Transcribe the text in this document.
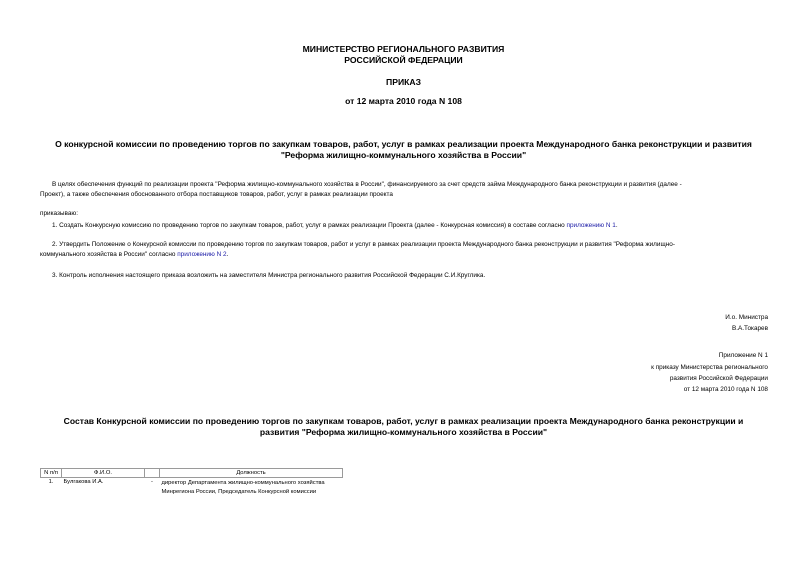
МИНИСТЕРСТВО РЕГИОНАЛЬНОГО РАЗВИТИЯ
РОССИЙСКОЙ ФЕДЕРАЦИИ
ПРИКАЗ
от 12 марта 2010 года N 108
О конкурсной комиссии по проведению торгов по закупкам товаров, работ, услуг в рамках реализации проекта Международного банка реконструкции и развития
"Реформа жилищно-коммунального хозяйства в России"
В целях обеспечения функций по реализации проекта "Реформа жилищно-коммунального хозяйства в России", финансируемого за счет средств займа Международного банка реконструкции и развития (далее -
Проект), а также обеспечения обоснованного отбора поставщиков товаров, работ, услуг в рамках реализации проекта
приказываю:
1. Создать Конкурсную комиссию по проведению торгов по закупкам товаров, работ, услуг в рамках реализации Проекта (далее - Конкурсная комиссия) в составе согласно приложению N 1.
2. Утвердить Положение о Конкурсной комиссии по проведению торгов по закупкам товаров, работ и услуг в рамках реализации проекта Международного банка реконструкции и развития "Реформа жилищно-
коммунального хозяйства в России" согласно приложению N 2.
3. Контроль исполнения настоящего приказа возложить на заместителя Министра регионального развития Российской Федерации С.И.Круглика.
И.о. Министра
В.А.Токарев
Приложение N 1
к приказу Министерства регионального
развития Российской Федерации
от 12 марта 2010 года N 108
Состав Конкурсной комиссии по проведению торгов по закупкам товаров, работ, услуг в рамках реализации проекта Международного банка реконструкции и
развития "Реформа жилищно-коммунального хозяйства в России"
N п/п	Ф.И.О.		Должность
1.	Булгакова И.А.	-	директор Департамента жилищно-коммунального хозяйства Минрегиона России, Председатель Конкурсной комиссии
